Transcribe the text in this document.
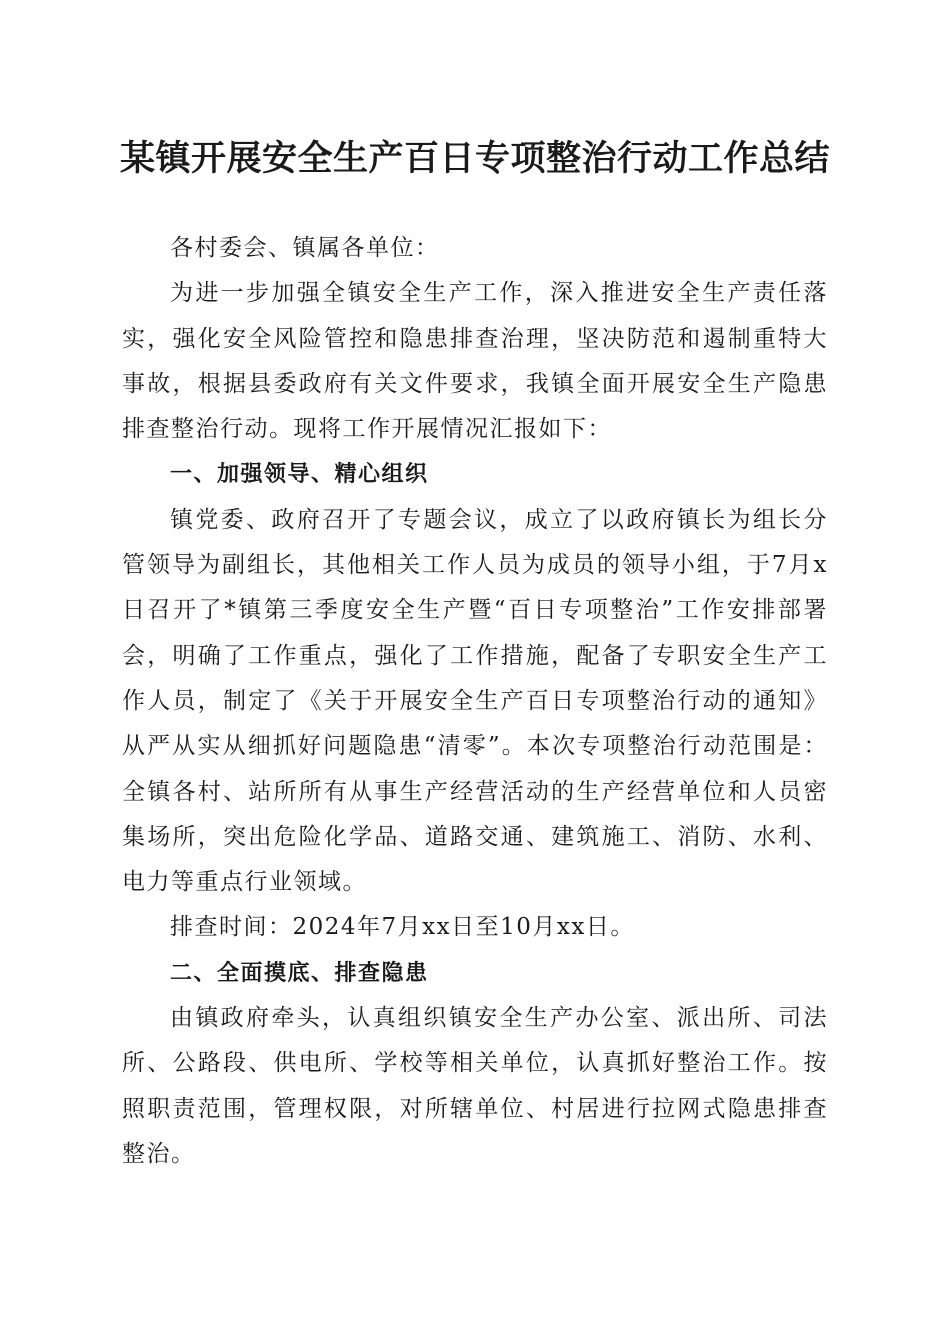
某镇开展安全生产百日专项整治行动工作总结

各村委会、镇属各单位：

为进一步加强全镇安全生产工作，深入推进安全生产责任落实，强化安全风险管控和隐患排查治理，坚决防范和遏制重特大事故，根据县委政府有关文件要求，我镇全面开展安全生产隐患排查整治行动。现将工作开展情况汇报如下：

一、加强领导、精心组织

镇党委、政府召开了专题会议，成立了以政府镇长为组长分管领导为副组长，其他相关工作人员为成员的领导小组，于7月x日召开了*镇第三季度安全生产暨“百日专项整治”工作安排部署会，明确了工作重点，强化了工作措施，配备了专职安全生产工作人员，制定了《关于开展安全生产百日专项整治行动的通知》从严从实从细抓好问题隐患“清零”。本次专项整治行动范围是：全镇各村、站所所有从事生产经营活动的生产经营单位和人员密集场所，突出危险化学品、道路交通、建筑施工、消防、水利、电力等重点行业领域。

排查时间：2024年7月xx日至10月xx日。

二、全面摸底、排查隐患

由镇政府牵头，认真组织镇安全生产办公室、派出所、司法所、公路段、供电所、学校等相关单位，认真抓好整治工作。按照职责范围，管理权限，对所辖单位、村居进行拉网式隐患排查整治。
